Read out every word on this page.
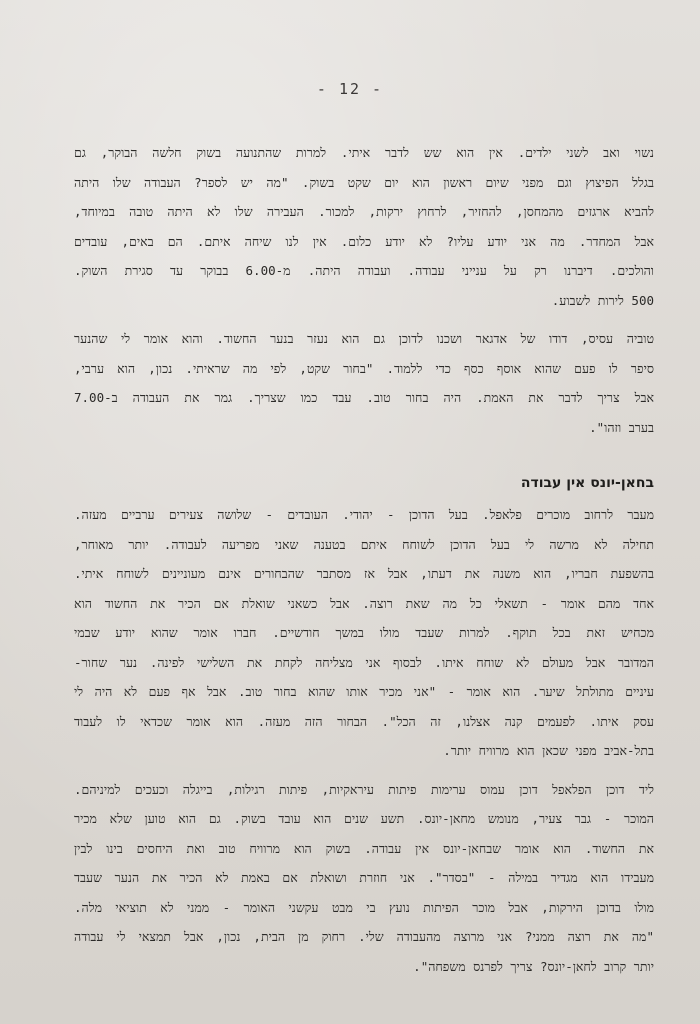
- 12 -
נשוי ואב לשני ילדים. אין הוא שש לדבר איתי. למרות שהתנועה בשוק חלשה הבוקר, גם
בגלל הפיצוץ וגם מפני שיום ראשון הוא יום שקט בשוק. "מה יש לספר? העבודה שלו היתה
להביא ארגזים מהמחסן, להחזיר, לרחוץ ירקות, למכור. העבירה שלו לא היתה טובה במיוחד,
אבל המחדר. מה אני יודע עליו? לא יודע כלום. אין לנו שיחה איתם. הם באים, עובדים
והולכים. דיברנו רק על ענייני עבודה. ועבודה היתה. מ-6.00 בבוקר עד סגירת השוק.
500 לירות לשבוע.
טוביה עסיס, דודו של אדגאר ושכנו לדוכן גם הוא נעזר בנער החשוד. והוא אומר לי שהנער
סיפר לו פעם שהוא אוסף כסף כדי ללמוד. "בחור שקט, לפי מה שראיתי. נכון, הוא ערבי,
אבל צריך לדבר את האמת. היה בחור טוב. עבד כמו שצריך. גמר את העבודה ב-7.00
בערב וזהו".
בחאן-יונס אין עבודה
מעבר לרחוב מוכרים פלאפל. בעל הדוכן - יהודי. העובדים - שלושה צעירים ערביים מעזה.
תחילה לא מרשה לי בעל הדוכן לשוחח איתם בטענה שאני מפריעה לעבודה. יותר מאוחר,
בהשפעת חבריו, הוא משנה את דעתו, אבל אז מסתבר שהבחורים אינם מעוניינים לשוחח איתי.
אחד מהם אומר - תשאלי כל מה שאת רוצה. אבל כשאני שואלת אם הכיר את החשוד הוא
מכחיש זאת בכל תוקף. למרות שעבד מולו במשך חודשיים. חברו אומר שהוא יודע שבמי
המדובר אבל מעולם לא שוחח איתו. לבסוף אני מצליחה לקחת את השלישי לפינה. נער שחור-
עיניים מתולתל שיער. הוא אומר - "אני מכיר אותו שהוא בחור טוב. אבל אף פעם לא היה לי
עסק איתו. לפעמים קנה אצלנו, זה הכל". הבחור הזה מעזה. הוא אומר שכדאי לו לעבוד
בתל-אביב מפני שכאן הוא מרוויח יותר.
ליד דוכן הפלאפל דוכן עמוס ערימות פיתות עיראקיות, פיתות רגילות, בייגלה וכעכים למיניהם.
המוכר - גבר צעיר, מנומש מחאן-יונס. תשע שנים הוא עובד בשוק. גם הוא טוען שלא מכיר
את החשוד. הוא אומר שבחאן-יונס אין עבודה. בשוק הוא מרוויח טוב ואת היחסים בינו לבין
מעבידו הוא מגדיר במילה - "בסדר". אני חוזרת ושואלת אם באמת לא הכיר את הנער שעבד
מולו בדוכן הירקות, אבל מוכר הפיתות נועץ בי מבט עקשני האומר - ממני לא תוציאי מלה.
"מה את רוצה ממני? אני מרוצה מהעבודה שלי. רחוק מן הבית, נכון, אבל תמצאי לי עבודה
יותר קרוב לחאן-יונס? צריך לפרנס משפחה".
